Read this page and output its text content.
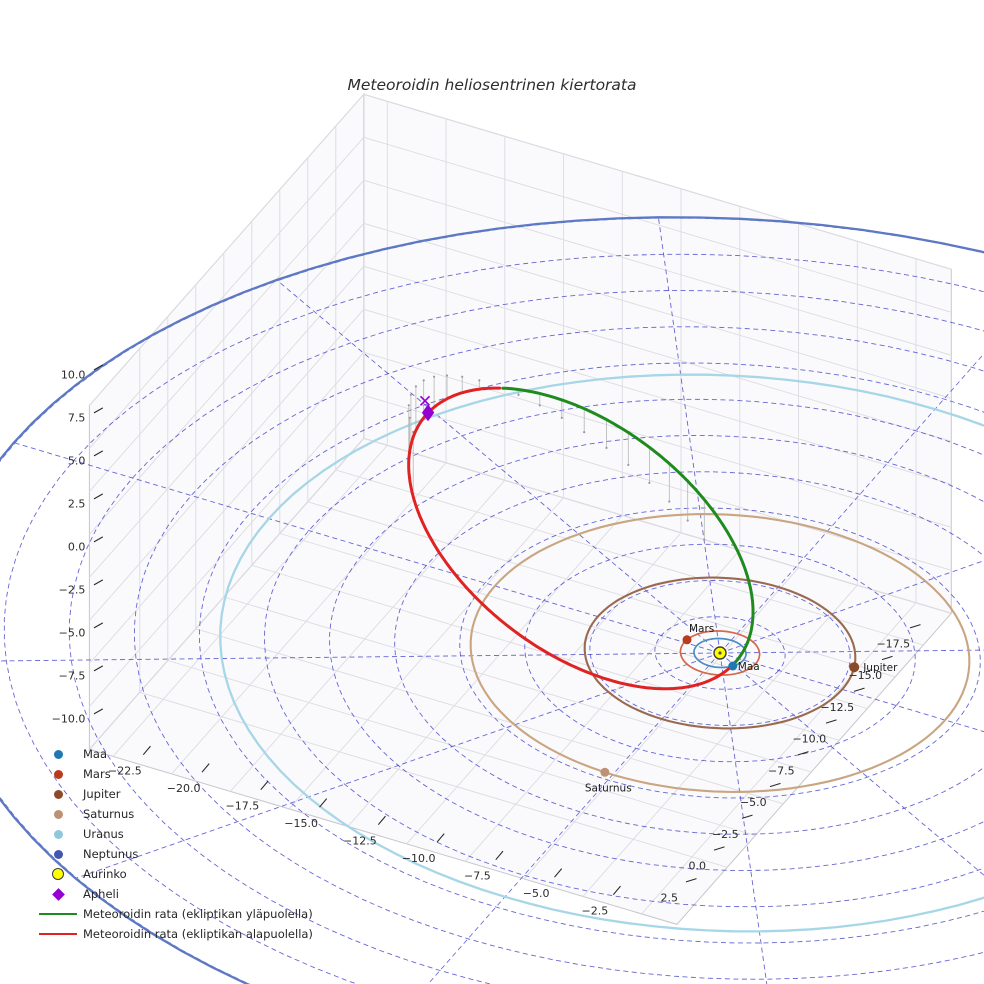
Maa
Mars
Jupiter
Saturnus
−22.5
−20.0
−17.5
−15.0
−12.5
−10.0
−7.5
−5.0
−2.5
−17.5
−15.0
−12.5
−10.0
−7.5
−5.0
−2.5
0.0
2.5
−10.0
−7.5
−5.0
−2.5
0.0
2.5
5.0
7.5
10.0
Meteoroidin heliosentrinen kiertorata
Maa
Mars
Jupiter
Saturnus
Uranus
Neptunus
Aurinko
Apheli
Meteoroidin rata (ekliptikan yläpuolella)
Meteoroidin rata (ekliptikan alapuolella)
